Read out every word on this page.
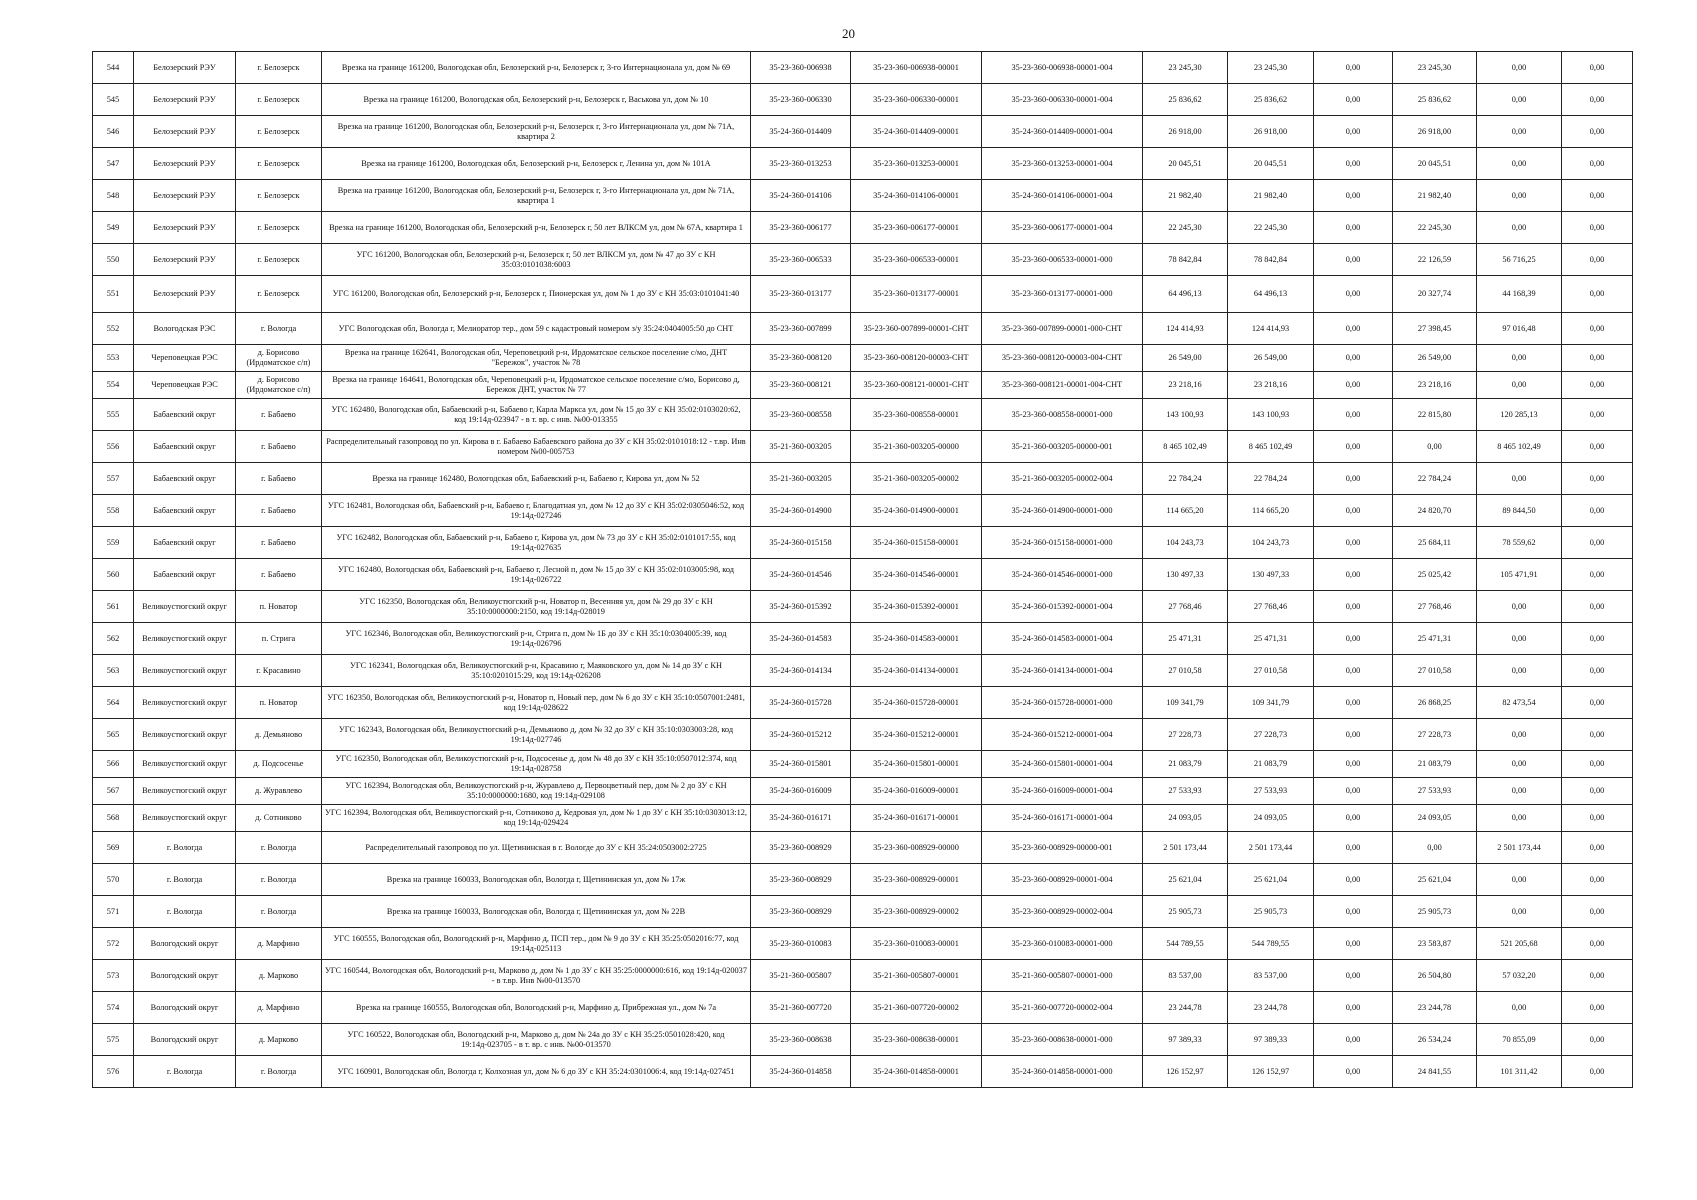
20
544	Белозерский РЭУ	г. Белозерск	Врезка на границе 161200, Вологодская обл, Белозерский р-н, Белозерск г, 3-го Интернационала ул, дом № 69	35-23-360-006938	35-23-360-006938-00001	35-23-360-006938-00001-004	23 245,30	23 245,30	0,00	23 245,30	0,00	0,00
545	Белозерский РЭУ	г. Белозерск	Врезка на границе 161200, Вологодская обл, Белозерский р-н, Белозерск г, Васькова ул, дом № 10	35-23-360-006330	35-23-360-006330-00001	35-23-360-006330-00001-004	25 836,62	25 836,62	0,00	25 836,62	0,00	0,00
546	Белозерский РЭУ	г. Белозерск	Врезка на границе 161200, Вологодская обл, Белозерский р-н, Белозерск г, 3-го Интернационала ул, дом № 71А, квартира 2	35-24-360-014409	35-24-360-014409-00001	35-24-360-014409-00001-004	26 918,00	26 918,00	0,00	26 918,00	0,00	0,00
547	Белозерский РЭУ	г. Белозерск	Врезка на границе 161200, Вологодская обл, Белозерский р-н, Белозерск г, Ленина ул, дом № 101А	35-23-360-013253	35-23-360-013253-00001	35-23-360-013253-00001-004	20 045,51	20 045,51	0,00	20 045,51	0,00	0,00
548	Белозерский РЭУ	г. Белозерск	Врезка на границе 161200, Вологодская обл, Белозерский р-н, Белозерск г, 3-го Интернационала ул, дом № 71А, квартира 1	35-24-360-014106	35-24-360-014106-00001	35-24-360-014106-00001-004	21 982,40	21 982,40	0,00	21 982,40	0,00	0,00
549	Белозерский РЭУ	г. Белозерск	Врезка на границе 161200, Вологодская обл, Белозерский р-н, Белозерск г, 50 лет ВЛКСМ ул, дом № 67А, квартира 1	35-23-360-006177	35-23-360-006177-00001	35-23-360-006177-00001-004	22 245,30	22 245,30	0,00	22 245,30	0,00	0,00
550	Белозерский РЭУ	г. Белозерск	УГС 161200, Вологодская обл, Белозерский р-н, Белозерск г, 50 лет ВЛКСМ ул, дом № 47 до ЗУ с КН 35:03:0101038:6003	35-23-360-006533	35-23-360-006533-00001	35-23-360-006533-00001-000	78 842,84	78 842,84	0,00	22 126,59	56 716,25	0,00
551	Белозерский РЭУ	г. Белозерск	УГС 161200, Вологодская обл, Белозерский р-н, Белозерск г, Пионерская ул, дом № 1 до ЗУ с КН 35:03:0101041:40	35-23-360-013177	35-23-360-013177-00001	35-23-360-013177-00001-000	64 496,13	64 496,13	0,00	20 327,74	44 168,39	0,00
552	Вологодская РЭС	г. Вологда	УГС Вологодская обл, Вологда г, Мелиоратор тер., дом 59 с кадастровый номером з/у 35:24:0404005:50 до СНТ	35-23-360-007899	35-23-360-007899-00001-СНТ	35-23-360-007899-00001-000-СНТ	124 414,93	124 414,93	0,00	27 398,45	97 016,48	0,00
553	Череповецкая РЭС	д. Борисово (Ирдоматское с/п)	Врезка на границе 162641, Вологодская обл, Череповецкий р-н, Ирдоматское сельское поселение с/мо, ДНТ "Бережок", участок № 78	35-23-360-008120	35-23-360-008120-00003-СНТ	35-23-360-008120-00003-004-СНТ	26 549,00	26 549,00	0,00	26 549,00	0,00	0,00
554	Череповецкая РЭС	д. Борисово (Ирдоматское с/п)	Врезка на границе 164641, Вологодская обл, Череповецкий р-н, Ирдоматское сельское поселение с/мо, Борисово д, Бережок ДНТ, участок № 77	35-23-360-008121	35-23-360-008121-00001-СНТ	35-23-360-008121-00001-004-СНТ	23 218,16	23 218,16	0,00	23 218,16	0,00	0,00
555	Бабаевский округ	г. Бабаево	УГС 162480, Вологодская обл, Бабаевский р-н, Бабаево г, Карла Маркса ул, дом № 15 до ЗУ с КН 35:02:0103020:62, код 19:14д-023947 - в т. вр. с инв. №00-013355	35-23-360-008558	35-23-360-008558-00001	35-23-360-008558-00001-000	143 100,93	143 100,93	0,00	22 815,80	120 285,13	0,00
556	Бабаевский округ	г. Бабаево	Распределительный газопровод по ул. Кирова в г. Бабаево Бабаевского района до ЗУ с КН 35:02:0101018:12 - т.вр. Инв номером №00-005753	35-21-360-003205	35-21-360-003205-00000	35-21-360-003205-00000-001	8 465 102,49	8 465 102,49	0,00	0,00	8 465 102,49	0,00
557	Бабаевский округ	г. Бабаево	Врезка на границе 162480, Вологодская обл, Бабаевский р-н, Бабаево г, Кирова ул, дом № 52	35-21-360-003205	35-21-360-003205-00002	35-21-360-003205-00002-004	22 784,24	22 784,24	0,00	22 784,24	0,00	0,00
558	Бабаевский округ	г. Бабаево	УГС 162481, Вологодская обл, Бабаевский р-н, Бабаево г, Благодатная ул, дом № 12 до ЗУ с КН 35:02:0305046:52, код 19:14д-027246	35-24-360-014900	35-24-360-014900-00001	35-24-360-014900-00001-000	114 665,20	114 665,20	0,00	24 820,70	89 844,50	0,00
559	Бабаевский округ	г. Бабаево	УГС 162482, Вологодская обл, Бабаевский р-н, Бабаево г, Кирова ул, дом № 73 до ЗУ с КН 35:02:0101017:55, код 19:14д-027635	35-24-360-015158	35-24-360-015158-00001	35-24-360-015158-00001-000	104 243,73	104 243,73	0,00	25 684,11	78 559,62	0,00
560	Бабаевский округ	г. Бабаево	УГС 162480, Вологодская обл, Бабаевский р-н, Бабаево г, Лесной п, дом № 15 до ЗУ с КН 35:02:0103005:98, код 19:14д-026722	35-24-360-014546	35-24-360-014546-00001	35-24-360-014546-00001-000	130 497,33	130 497,33	0,00	25 025,42	105 471,91	0,00
561	Великоустюгский округ	п. Новатор	УГС 162350, Вологодская обл, Великоустюгский р-н, Новатор п, Весенняя ул, дом № 29 до ЗУ с КН 35:10:0000000:2150, код 19:14д-028019	35-24-360-015392	35-24-360-015392-00001	35-24-360-015392-00001-004	27 768,46	27 768,46	0,00	27 768,46	0,00	0,00
562	Великоустюгский округ	п. Стрига	УГС 162346, Вологодская обл, Великоустюгский р-н, Стрига п, дом № 1Б до ЗУ с КН 35:10:0304005:39, код 19:14д-026796	35-24-360-014583	35-24-360-014583-00001	35-24-360-014583-00001-004	25 471,31	25 471,31	0,00	25 471,31	0,00	0,00
563	Великоустюгский округ	г. Красавино	УГС 162341, Вологодская обл, Великоустюгский р-н, Красавино г, Маяковского ул, дом № 14 до ЗУ с КН 35:10:0201015:29, код 19:14д-026208	35-24-360-014134	35-24-360-014134-00001	35-24-360-014134-00001-004	27 010,58	27 010,58	0,00	27 010,58	0,00	0,00
564	Великоустюгский округ	п. Новатор	УГС 162350, Вологодская обл, Великоустюгский р-н, Новатор п, Новый пер, дом № 6 до ЗУ с КН 35:10:0507001:2481, код 19:14д-028622	35-24-360-015728	35-24-360-015728-00001	35-24-360-015728-00001-000	109 341,79	109 341,79	0,00	26 868,25	82 473,54	0,00
565	Великоустюгский округ	д. Демьяново	УГС 162343, Вологодская обл, Великоустюгский р-н, Демьяново д, дом № 32 до ЗУ с КН 35:10:0303003:28, код 19:14д-027746	35-24-360-015212	35-24-360-015212-00001	35-24-360-015212-00001-004	27 228,73	27 228,73	0,00	27 228,73	0,00	0,00
566	Великоустюгский округ	д. Подсосенье	УГС 162350, Вологодская обл, Великоустюгский р-н, Подсосенье д, дом № 48 до ЗУ с КН 35:10:0507012:374, код 19:14д-028758	35-24-360-015801	35-24-360-015801-00001	35-24-360-015801-00001-004	21 083,79	21 083,79	0,00	21 083,79	0,00	0,00
567	Великоустюгский округ	д. Журавлево	УГС 162394, Вологодская обл, Великоустюгский р-н, Журавлево д, Первоцветный пер, дом № 2 до ЗУ с КН 35:10:0000000:1680, код 19:14д-029108	35-24-360-016009	35-24-360-016009-00001	35-24-360-016009-00001-004	27 533,93	27 533,93	0,00	27 533,93	0,00	0,00
568	Великоустюгский округ	д. Сотниково	УГС 162394, Вологодская обл, Великоустюгский р-н, Сотниково д, Кедровая ул, дом № 1 до ЗУ с КН 35:10:0303013:12, код 19:14д-029424	35-24-360-016171	35-24-360-016171-00001	35-24-360-016171-00001-004	24 093,05	24 093,05	0,00	24 093,05	0,00	0,00
569	г. Вологда	г. Вологда	Распределительный газопровод по ул. Щетининская в г. Вологде до ЗУ с КН 35:24:0503002:2725	35-23-360-008929	35-23-360-008929-00000	35-23-360-008929-00000-001	2 501 173,44	2 501 173,44	0,00	0,00	2 501 173,44	0,00
570	г. Вологда	г. Вологда	Врезка на границе 160033, Вологодская обл, Вологда г, Щетининская ул, дом № 17ж	35-23-360-008929	35-23-360-008929-00001	35-23-360-008929-00001-004	25 621,04	25 621,04	0,00	25 621,04	0,00	0,00
571	г. Вологда	г. Вологда	Врезка на границе 160033, Вологодская обл, Вологда г, Щетининская ул, дом № 22В	35-23-360-008929	35-23-360-008929-00002	35-23-360-008929-00002-004	25 905,73	25 905,73	0,00	25 905,73	0,00	0,00
572	Вологодский округ	д. Марфино	УГС 160555, Вологодская обл, Вологодский р-н, Марфино д, ПСП тер., дом № 9 до ЗУ с КН 35:25:0502016:77, код 19:14д-025113	35-23-360-010083	35-23-360-010083-00001	35-23-360-010083-00001-000	544 789,55	544 789,55	0,00	23 583,87	521 205,68	0,00
573	Вологодский округ	д. Марково	УГС 160544, Вологодская обл, Вологодский р-н, Марково д, дом № 1 до ЗУ с КН 35:25:0000000:616, код 19:14д-020037 - в т.вр. Инв №00-013570	35-21-360-005807	35-21-360-005807-00001	35-21-360-005807-00001-000	83 537,00	83 537,00	0,00	26 504,80	57 032,20	0,00
574	Вологодский округ	д. Марфино	Врезка на границе 160555, Вологодская обл, Вологодский р-н, Марфино д, Прибрежная ул., дом № 7а	35-21-360-007720	35-21-360-007720-00002	35-21-360-007720-00002-004	23 244,78	23 244,78	0,00	23 244,78	0,00	0,00
575	Вологодский округ	д. Марково	УГС 160522, Вологодская обл, Вологодский р-н, Марково д, дом № 24а до ЗУ с КН 35:25:0501028:420, код 19:14д-023705 - в т. вр. с инв. №00-013570	35-23-360-008638	35-23-360-008638-00001	35-23-360-008638-00001-000	97 389,33	97 389,33	0,00	26 534,24	70 855,09	0,00
576	г. Вологда	г. Вологда	УГС 160901, Вологодская обл, Вологда г, Колхозная ул, дом № 6 до ЗУ с КН 35:24:0301006:4, код 19:14д-027451	35-24-360-014858	35-24-360-014858-00001	35-24-360-014858-00001-000	126 152,97	126 152,97	0,00	24 841,55	101 311,42	0,00
